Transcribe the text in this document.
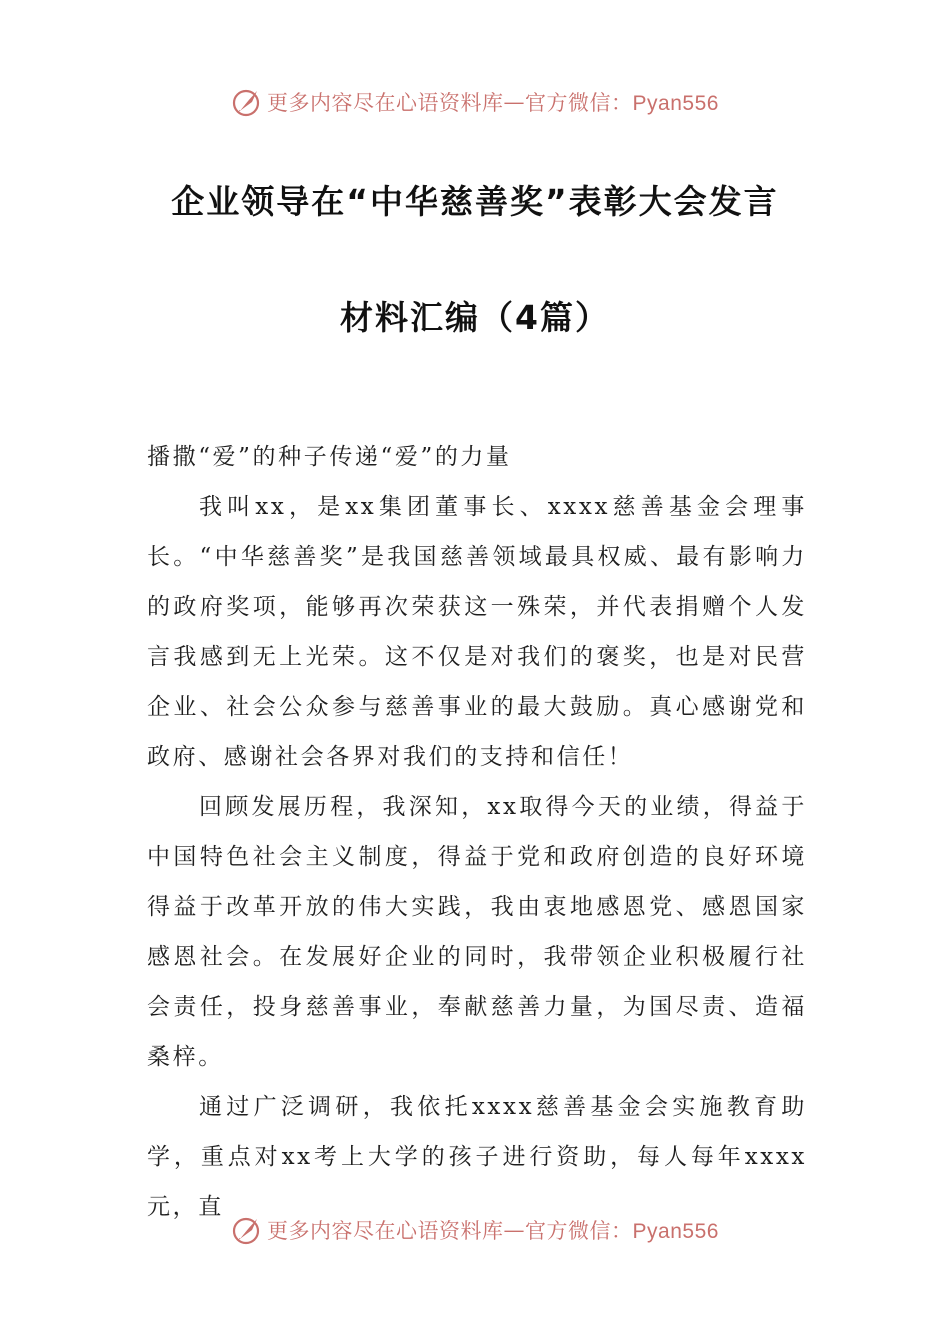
更多内容尽在心语资料库 — 官方微信：Pyan556
企业领导在“中华慈善奖”表彰大会发言
材料汇编（4篇）

播撒“爱”的种子传递“爱”的力量

我叫xx，是xx集团董事长、xxxx慈善基金会理事长。“中华慈善奖”是我国慈善领域最具权威、最有影响力的政府奖项，能够再次荣获这一殊荣，并代表捐赠个人发言我感到无上光荣。这不仅是对我们的褒奖，也是对民营企业、社会公众参与慈善事业的最大鼓励。真心感谢党和政府、感谢社会各界对我们的支持和信任！

回顾发展历程，我深知，xx取得今天的业绩，得益于中国特色社会主义制度，得益于党和政府创造的良好环境得益于改革开放的伟大实践，我由衷地感恩党、感恩国家感恩社会。在发展好企业的同时，我带领企业积极履行社会责任，投身慈善事业，奉献慈善力量，为国尽责、造福桑梓。

通过广泛调研，我依托xxxx慈善基金会实施教育助学，重点对xx考上大学的孩子进行资助，每人每年xxxx元，直

更多内容尽在心语资料库 — 官方微信：Pyan556
